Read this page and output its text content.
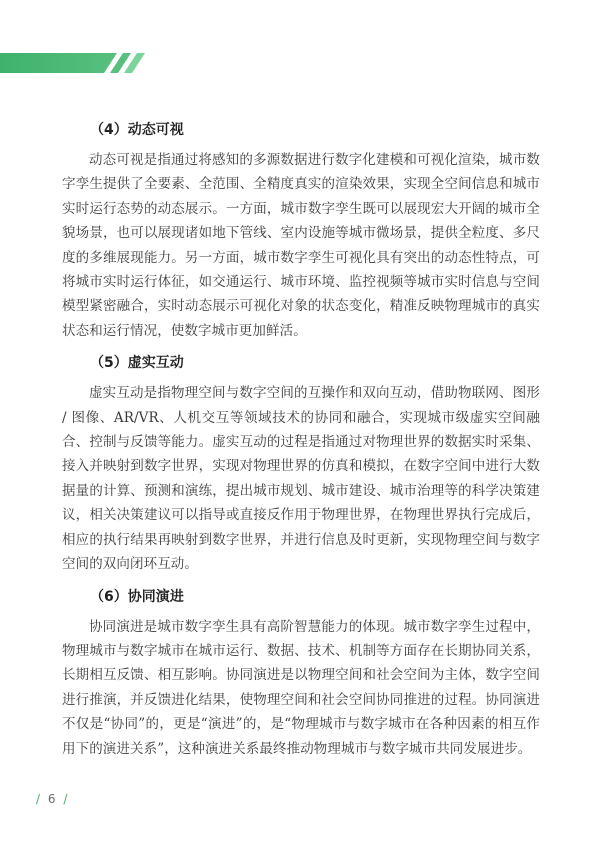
（4）动态可视

动态可视是指通过将感知的多源数据进行数字化建模和可视化渲染，城市数字孪生提供了全要素、全范围、全精度真实的渲染效果，实现全空间信息和城市实时运行态势的动态展示。一方面，城市数字孪生既可以展现宏大开阔的城市全貌场景，也可以展现诸如地下管线、室内设施等城市微场景，提供全粒度、多尺度的多维展现能力。另一方面，城市数字孪生可视化具有突出的动态性特点，可将城市实时运行体征，如交通运行、城市环境、监控视频等城市实时信息与空间模型紧密融合，实时动态展示可视化对象的状态变化，精准反映物理城市的真实状态和运行情况，使数字城市更加鲜活。

（5）虚实互动

虚实互动是指物理空间与数字空间的互操作和双向互动，借助物联网、图形 / 图像、AR/VR、人机交互等领域技术的协同和融合，实现城市级虚实空间融合、控制与反馈等能力。虚实互动的过程是指通过对物理世界的数据实时采集、接入并映射到数字世界，实现对物理世界的仿真和模拟，在数字空间中进行大数据量的计算、预测和演练，提出城市规划、城市建设、城市治理等的科学决策建议，相关决策建议可以指导或直接反作用于物理世界，在物理世界执行完成后，相应的执行结果再映射到数字世界，并进行信息及时更新，实现物理空间与数字空间的双向闭环互动。

（6）协同演进

协同演进是城市数字孪生具有高阶智慧能力的体现。城市数字孪生过程中，物理城市与数字城市在城市运行、数据、技术、机制等方面存在长期协同关系，长期相互反馈、相互影响。协同演进是以物理空间和社会空间为主体，数字空间进行推演，并反馈进化结果，使物理空间和社会空间协同推进的过程。协同演进不仅是“协同”的，更是“演进”的，是“物理城市与数字城市在各种因素的相互作用下的演进关系”，这种演进关系最终推动物理城市与数字城市共同发展进步。

/ 6 /
